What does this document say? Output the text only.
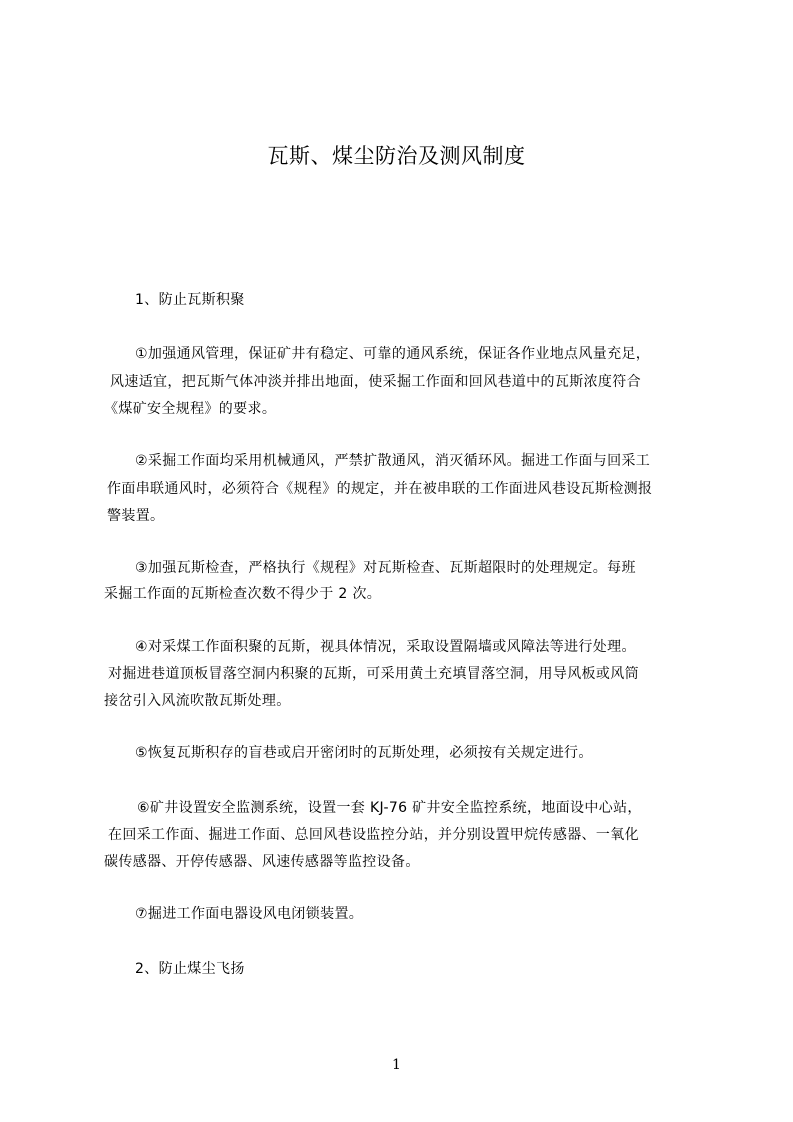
瓦斯、煤尘防治及测风制度
1、防止瓦斯积聚
①加强通风管理，保证矿井有稳定、可靠的通风系统，保证各作业地点风量充足，
风速适宜，把瓦斯气体冲淡并排出地面，使采掘工作面和回风巷道中的瓦斯浓度符合
《煤矿安全规程》的要求。
②采掘工作面均采用机械通风，严禁扩散通风，消灭循环风。掘进工作面与回采工
作面串联通风时，必须符合《规程》的规定，并在被串联的工作面进风巷设瓦斯检测报
警装置。
③加强瓦斯检查，严格执行《规程》对瓦斯检查、瓦斯超限时的处理规定。每班
采掘工作面的瓦斯检查次数不得少于 2 次。
④对采煤工作面积聚的瓦斯，视具体情况，采取设置隔墙或风障法等进行处理。
对掘进巷道顶板冒落空洞内积聚的瓦斯，可采用黄土充填冒落空洞，用导风板或风筒
接岔引入风流吹散瓦斯处理。
⑤恢复瓦斯积存的盲巷或启开密闭时的瓦斯处理，必须按有关规定进行。
⑥矿井设置安全监测系统，设置一套 KJ-76 矿井安全监控系统，地面设中心站，
在回采工作面、掘进工作面、总回风巷设监控分站，并分别设置甲烷传感器、一氧化
碳传感器、开停传感器、风速传感器等监控设备。
⑦掘进工作面电器设风电闭锁装置。
2、防止煤尘飞扬
1
